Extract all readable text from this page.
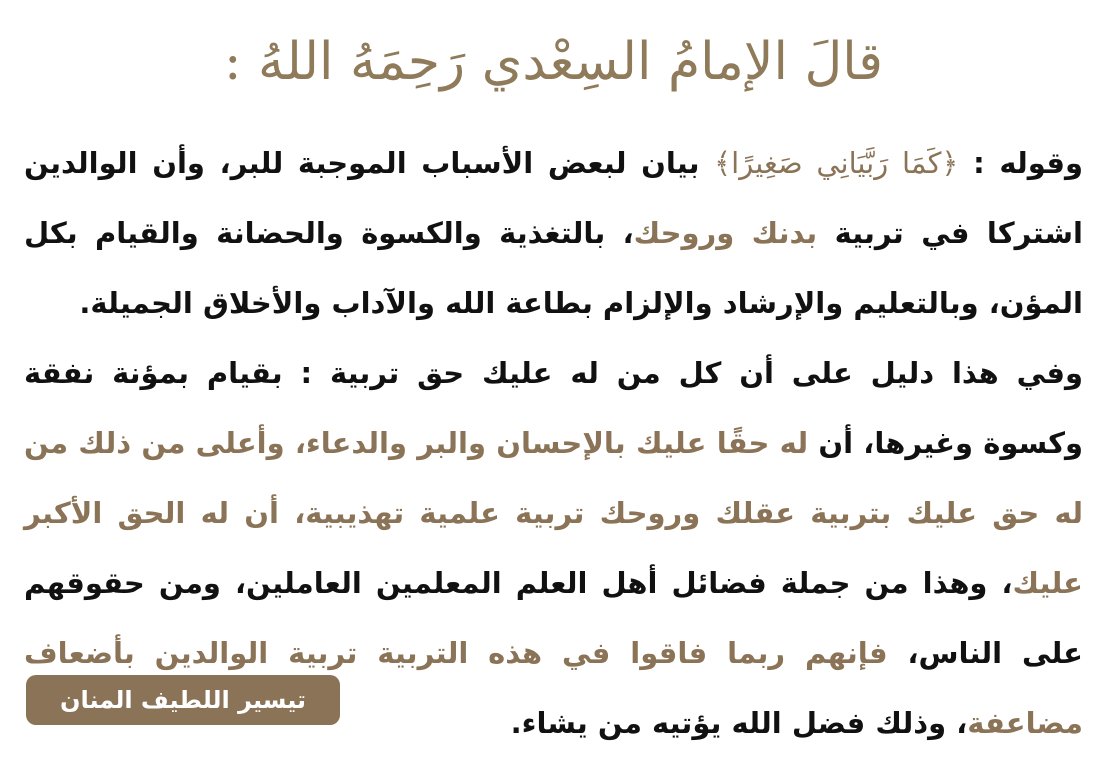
قالَ الإمامُ السِعْدي رَحِمَهُ اللهُ :

وقوله : ﴿كَمَا رَبَّيَانِي صَغِيرًا﴾ بيان لبعض الأسباب الموجبة للبر، وأن الوالدين اشتركا في تربية بدنك وروحك، بالتغذية والكسوة والحضانة والقيام بكل المؤن، وبالتعليم والإرشاد والإلزام بطاعة الله والآداب والأخلاق الجميلة.

وفي هذا دليل على أن كل من له عليك حق تربية : بقيام بمؤنة نفقة وكسوة وغيرها، أن له حقًا عليك بالإحسان والبر والدعاء، وأعلى من ذلك من له حق عليك بتربية عقلك وروحك تربية علمية تهذيبية، أن له الحق الأكبر عليك، وهذا من جملة فضائل أهل العلم المعلمين العاملين، ومن حقوقهم على الناس، فإنهم ربما فاقوا في هذه التربية تربية الوالدين بأضعاف مضاعفة، وذلك فضل الله يؤتيه من يشاء.

تيسير اللطيف المنان
